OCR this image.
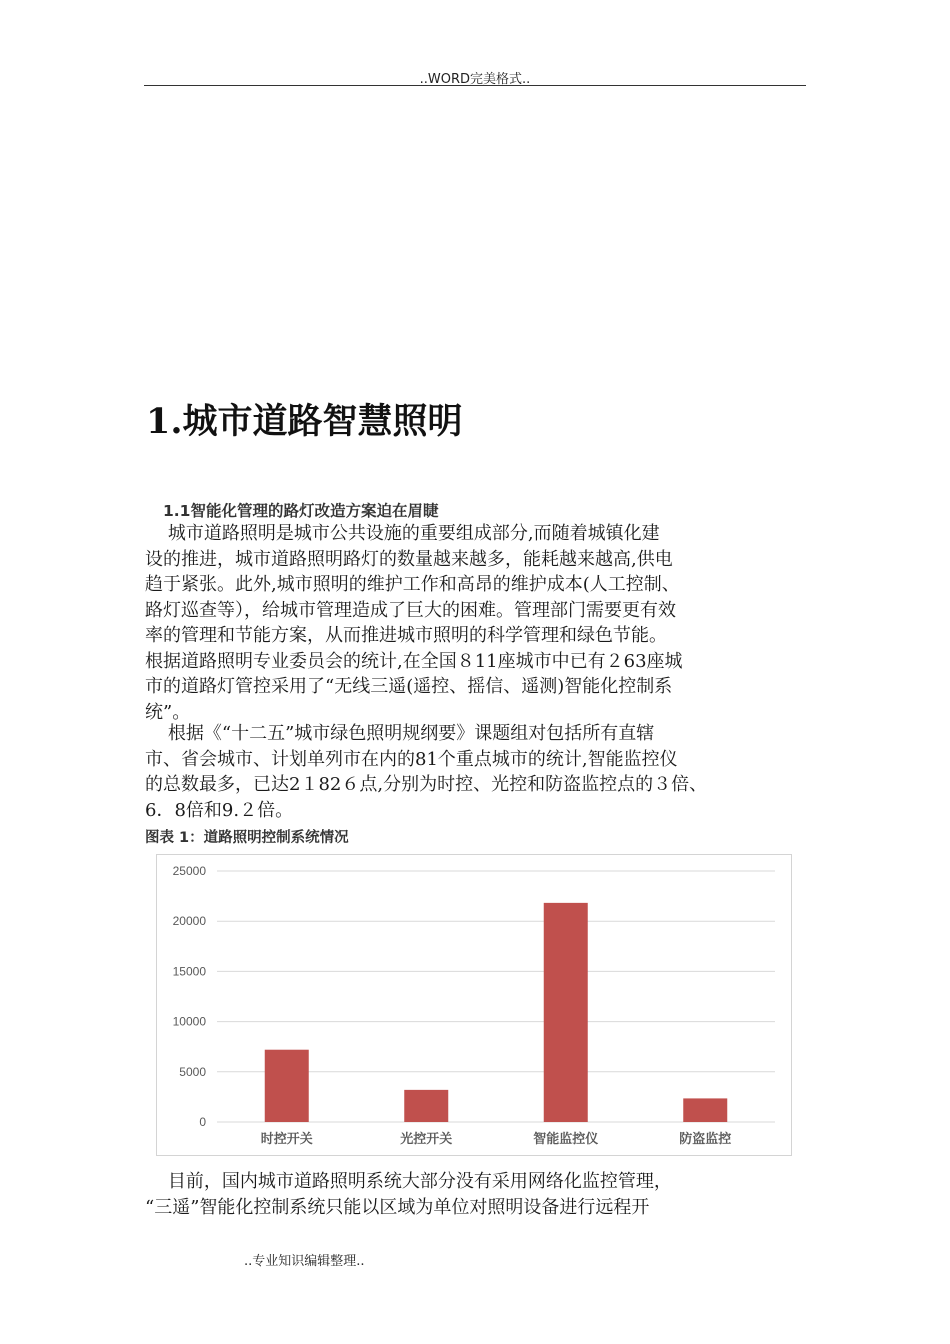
..WORD完美格式..
1.城市道路智慧照明
1.1智能化管理的路灯改造方案迫在眉睫

城市道路照明是城市公共设施的重要组成部分,而随着城镇化建
设的推进，城市道路照明路灯的数量越来越多，能耗越来越高,供电
趋于紧张。此外,城市照明的维护工作和高昂的维护成本(人工控制、
路灯巡查等），给城市管理造成了巨大的困难。管理部门需要更有效
率的管理和节能方案，从而推进城市照明的科学管理和绿色节能。
根据道路照明专业委员会的统计,在全国８11座城市中已有２63座城
市的道路灯管控采用了“无线三遥(遥控、摇信、遥测)智能化控制系
统”。

根据《“十二五”城市绿色照明规纲要》课题组对包括所有直辖
市、省会城市、计划单列市在内的81个重点城市的统计,智能监控仪
的总数最多，已达2１82６点,分别为时控、光控和防盗监控点的３倍、
6．8倍和9.２倍。

图表 1：道路照明控制系统情况
0
5000
10000
15000
20000
25000
时控开关	光控开关	智能监控仪	防盗监控

目前，国内城市道路照明系统大部分没有采用网络化监控管理，
“三遥”智能化控制系统只能以区域为单位对照明设备进行远程开

..专业知识编辑整理..
